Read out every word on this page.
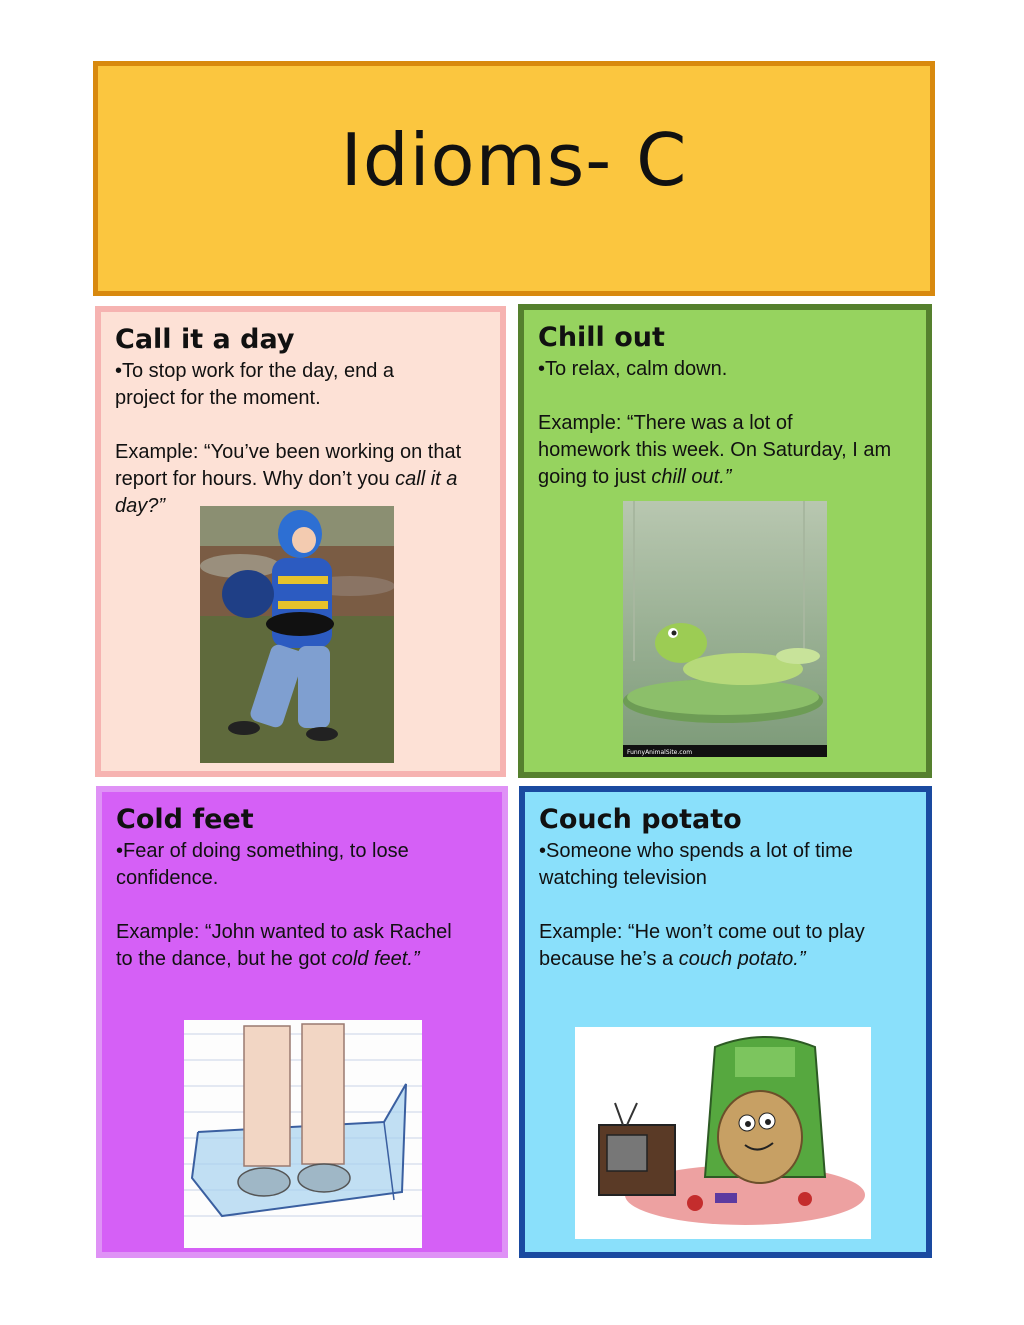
Idioms- C
Call it a day

•To stop work for the day, end a

project for the moment.

Example: “You’ve been working on that

report for hours. Why don’t you call it a

day?”

Chill out

•To relax, calm down.

Example: “There was a lot of

homework this week. On Saturday, I am

going to just chill out.”

FunnyAnimalSite.com
Cold feet

•Fear of doing something, to lose

confidence.

Example: “John wanted to ask Rachel

to the dance, but he got cold feet.”

Couch potato

•Someone who spends a lot of time

watching television

Example: “He won’t come out to play

because he’s a couch potato.”
